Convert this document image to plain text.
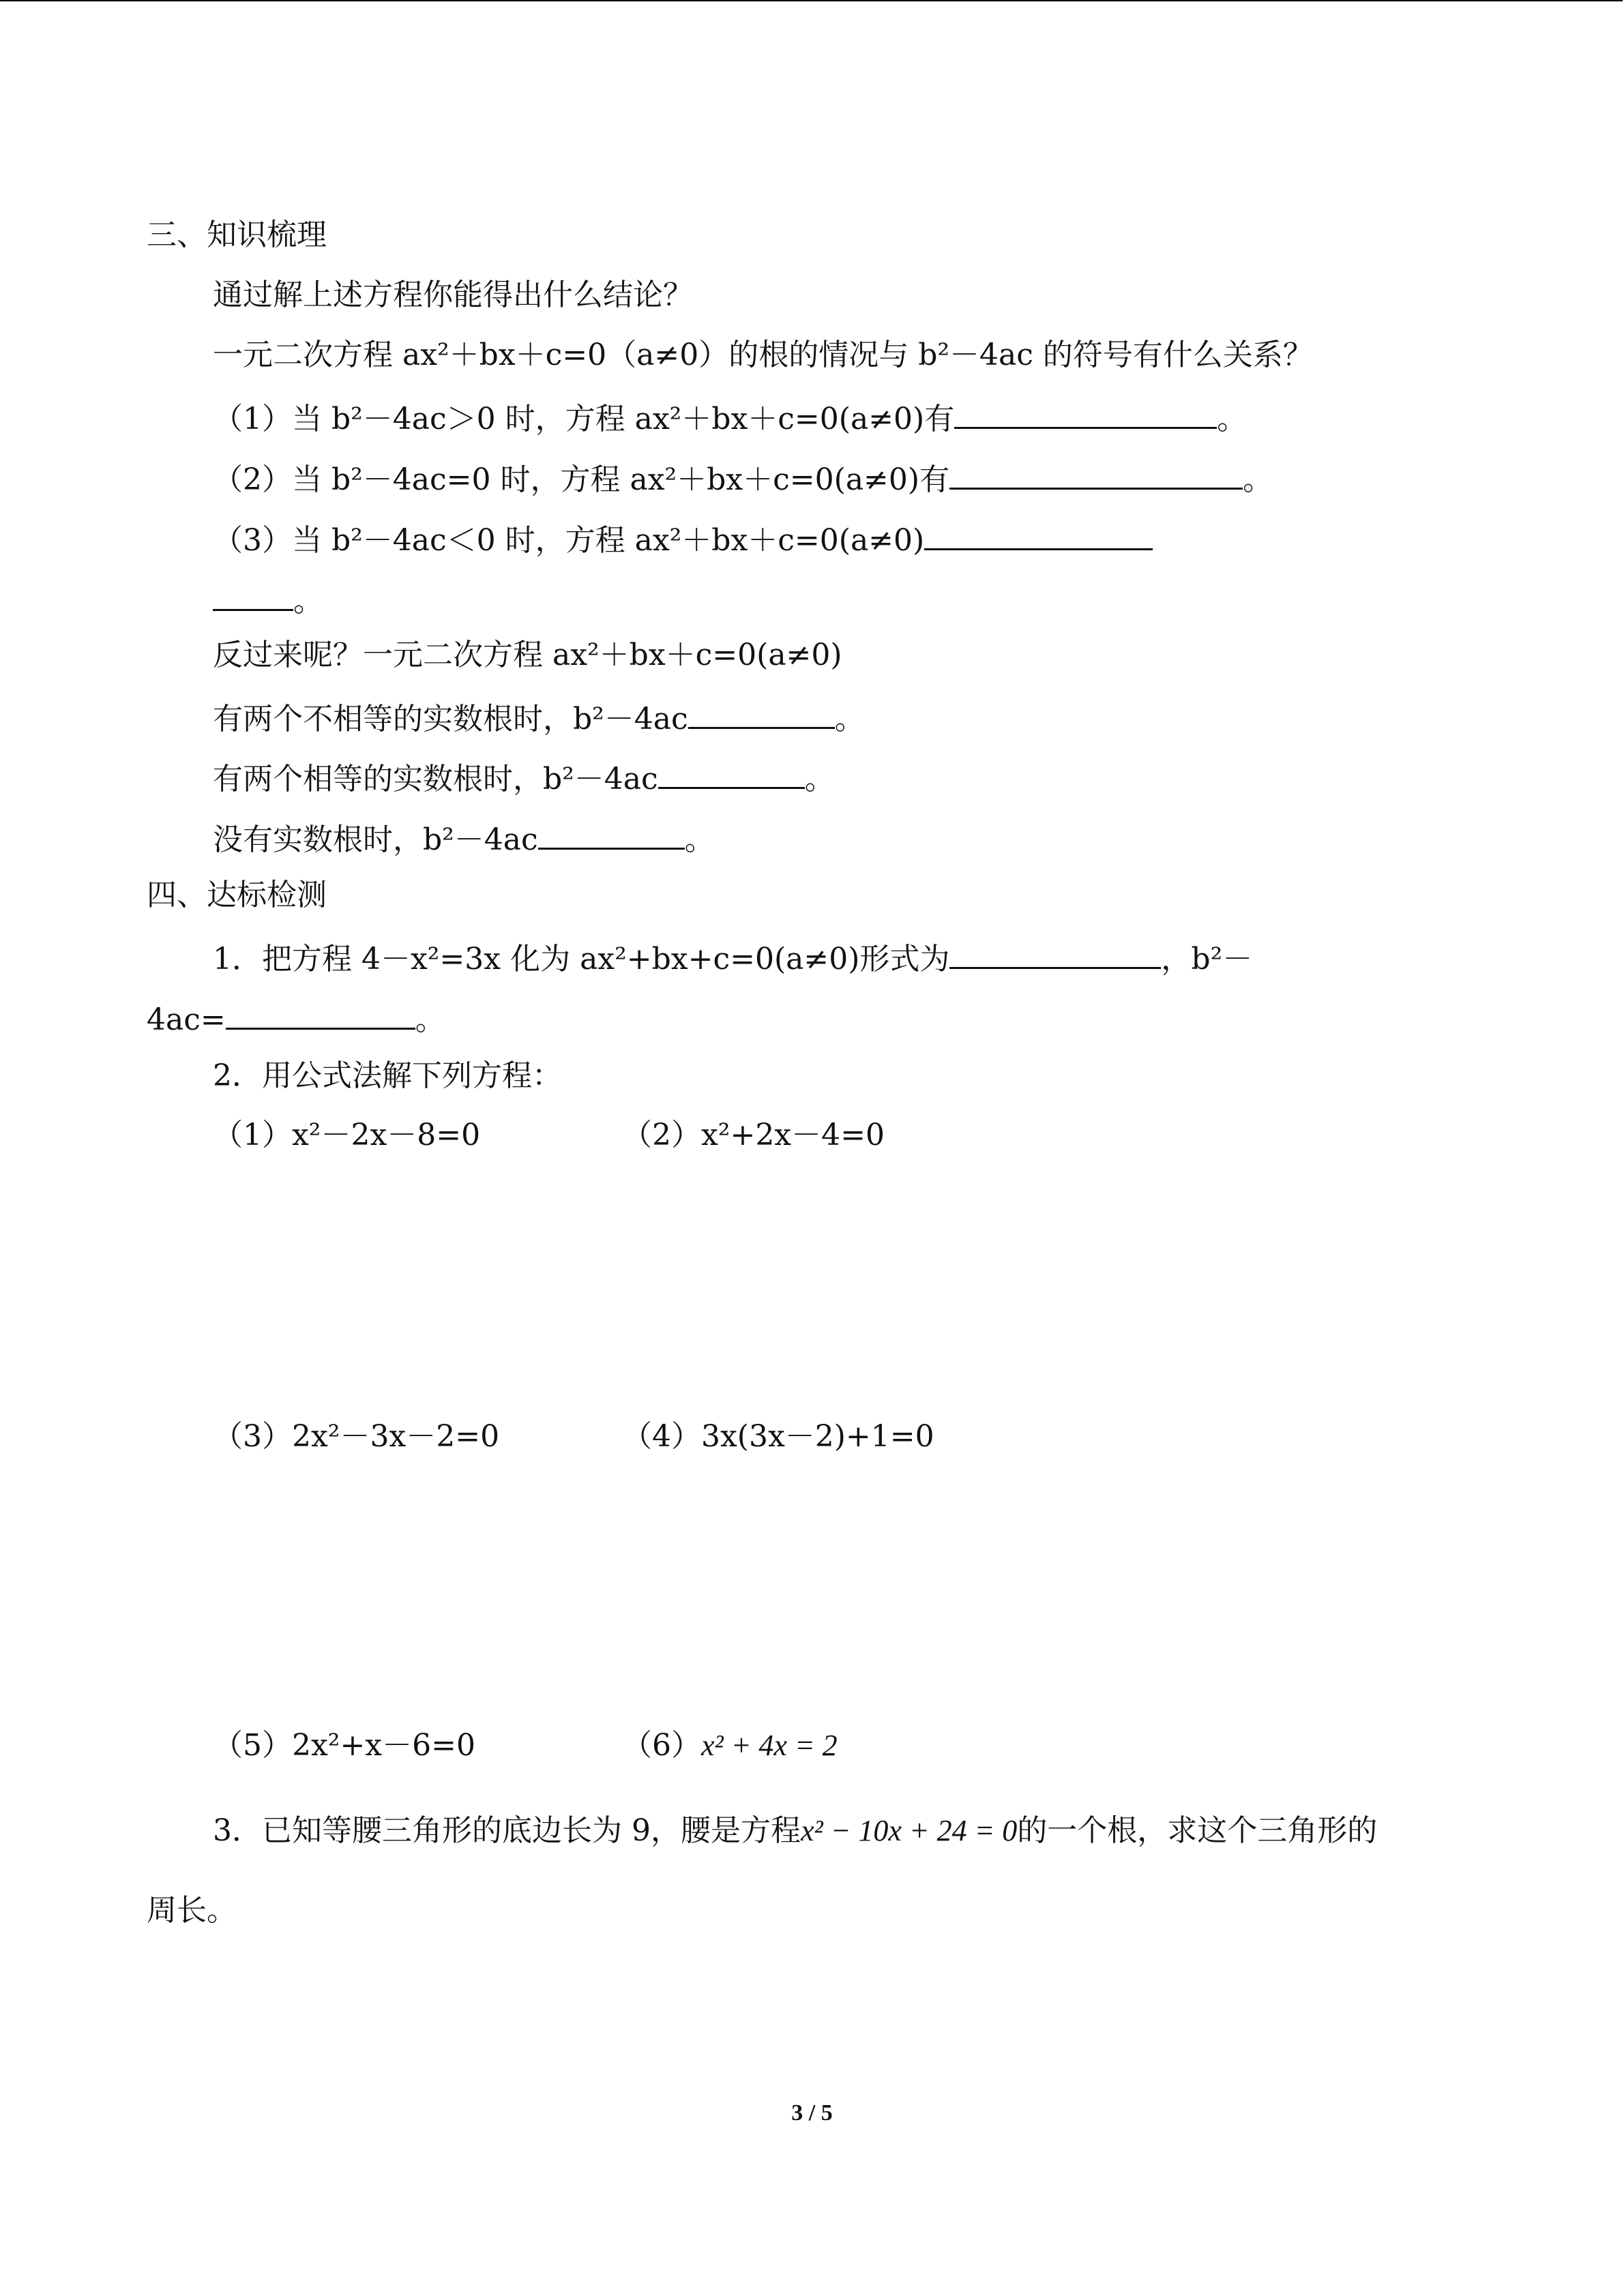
三、知识梳理
通过解上述方程你能得出什么结论？
一元二次方程 ax²＋bx＋c=0（a≠0）的根的情况与 b²－4ac 的符号有什么关系？
（1）当 b²－4ac＞0 时，方程 ax²＋bx＋c=0(a≠0)有	。
（2）当 b²－4ac=0 时，方程 ax²＋bx＋c=0(a≠0)有	。
（3）当 b²－4ac＜0 时，方程 ax²＋bx＋c=0(a≠0)
。
反过来呢？一元二次方程 ax²＋bx＋c=0(a≠0)
有两个不相等的实数根时，b²－4ac	。
有两个相等的实数根时，b²－4ac	。
没有实数根时，b²－4ac	。
四、达标检测
1．把方程 4－x²=3x 化为 ax²+bx+c=0(a≠0)形式为	，b²－
4ac=	。
2．用公式法解下列方程：
（1）x²－2x－8=0	（2）x²+2x－4=0
（3）2x²－3x－2=0	（4）3x(3x－2)+1=0
（5）2x²+x－6=0	（6）x² + 4x = 2
3．已知等腰三角形的底边长为 9，腰是方程x² − 10x + 24 = 0的一个根，求这个三角形的
周长。
3 / 5
